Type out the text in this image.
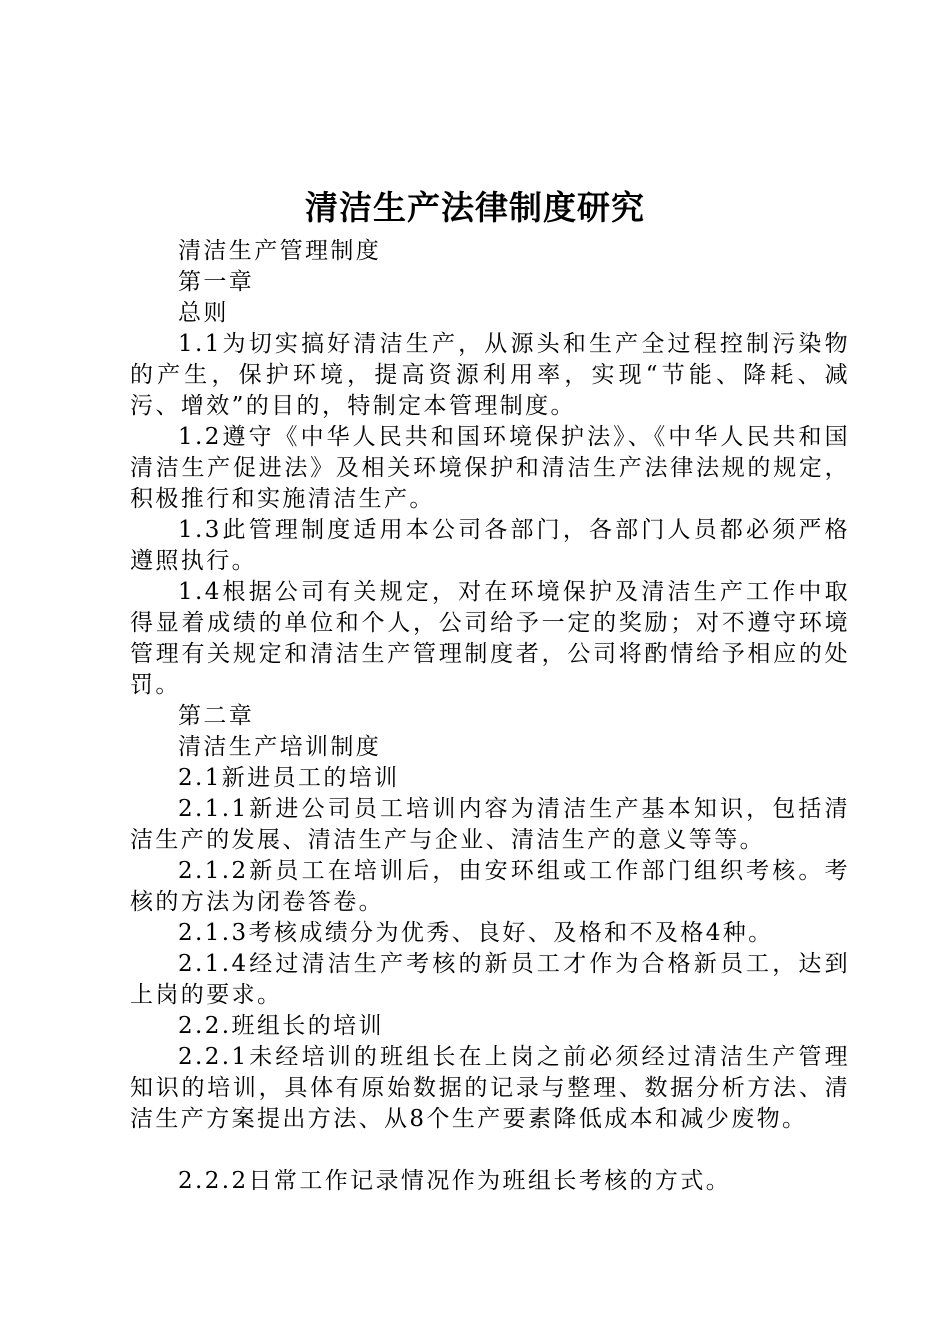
清洁生产法律制度研究

清洁生产管理制度

第一章

总则

1.1为切实搞好清洁生产，从源头和生产全过程控制污染物的产生，保护环境，提高资源利用率，实现“节能、降耗、减污、增效”的目的，特制定本管理制度。

1.2遵守《中华人民共和国环境保护法》、《中华人民共和国清洁生产促进法》及相关环境保护和清洁生产法律法规的规定，积极推行和实施清洁生产。

1.3此管理制度适用本公司各部门，各部门人员都必须严格遵照执行。

1.4根据公司有关规定，对在环境保护及清洁生产工作中取得显着成绩的单位和个人，公司给予一定的奖励；对不遵守环境管理有关规定和清洁生产管理制度者，公司将酌情给予相应的处罚。

第二章

清洁生产培训制度

2.1新进员工的培训

2.1.1新进公司员工培训内容为清洁生产基本知识，包括清洁生产的发展、清洁生产与企业、清洁生产的意义等等。

2.1.2新员工在培训后，由安环组或工作部门组织考核。考核的方法为闭卷答卷。

2.1.3考核成绩分为优秀、良好、及格和不及格4种。

2.1.4经过清洁生产考核的新员工才作为合格新员工，达到上岗的要求。

2.2.班组长的培训

2.2.1未经培训的班组长在上岗之前必须经过清洁生产管理知识的培训，具体有原始数据的记录与整理、数据分析方法、清洁生产方案提出方法、从8个生产要素降低成本和减少废物。

2.2.2日常工作记录情况作为班组长考核的方式。
